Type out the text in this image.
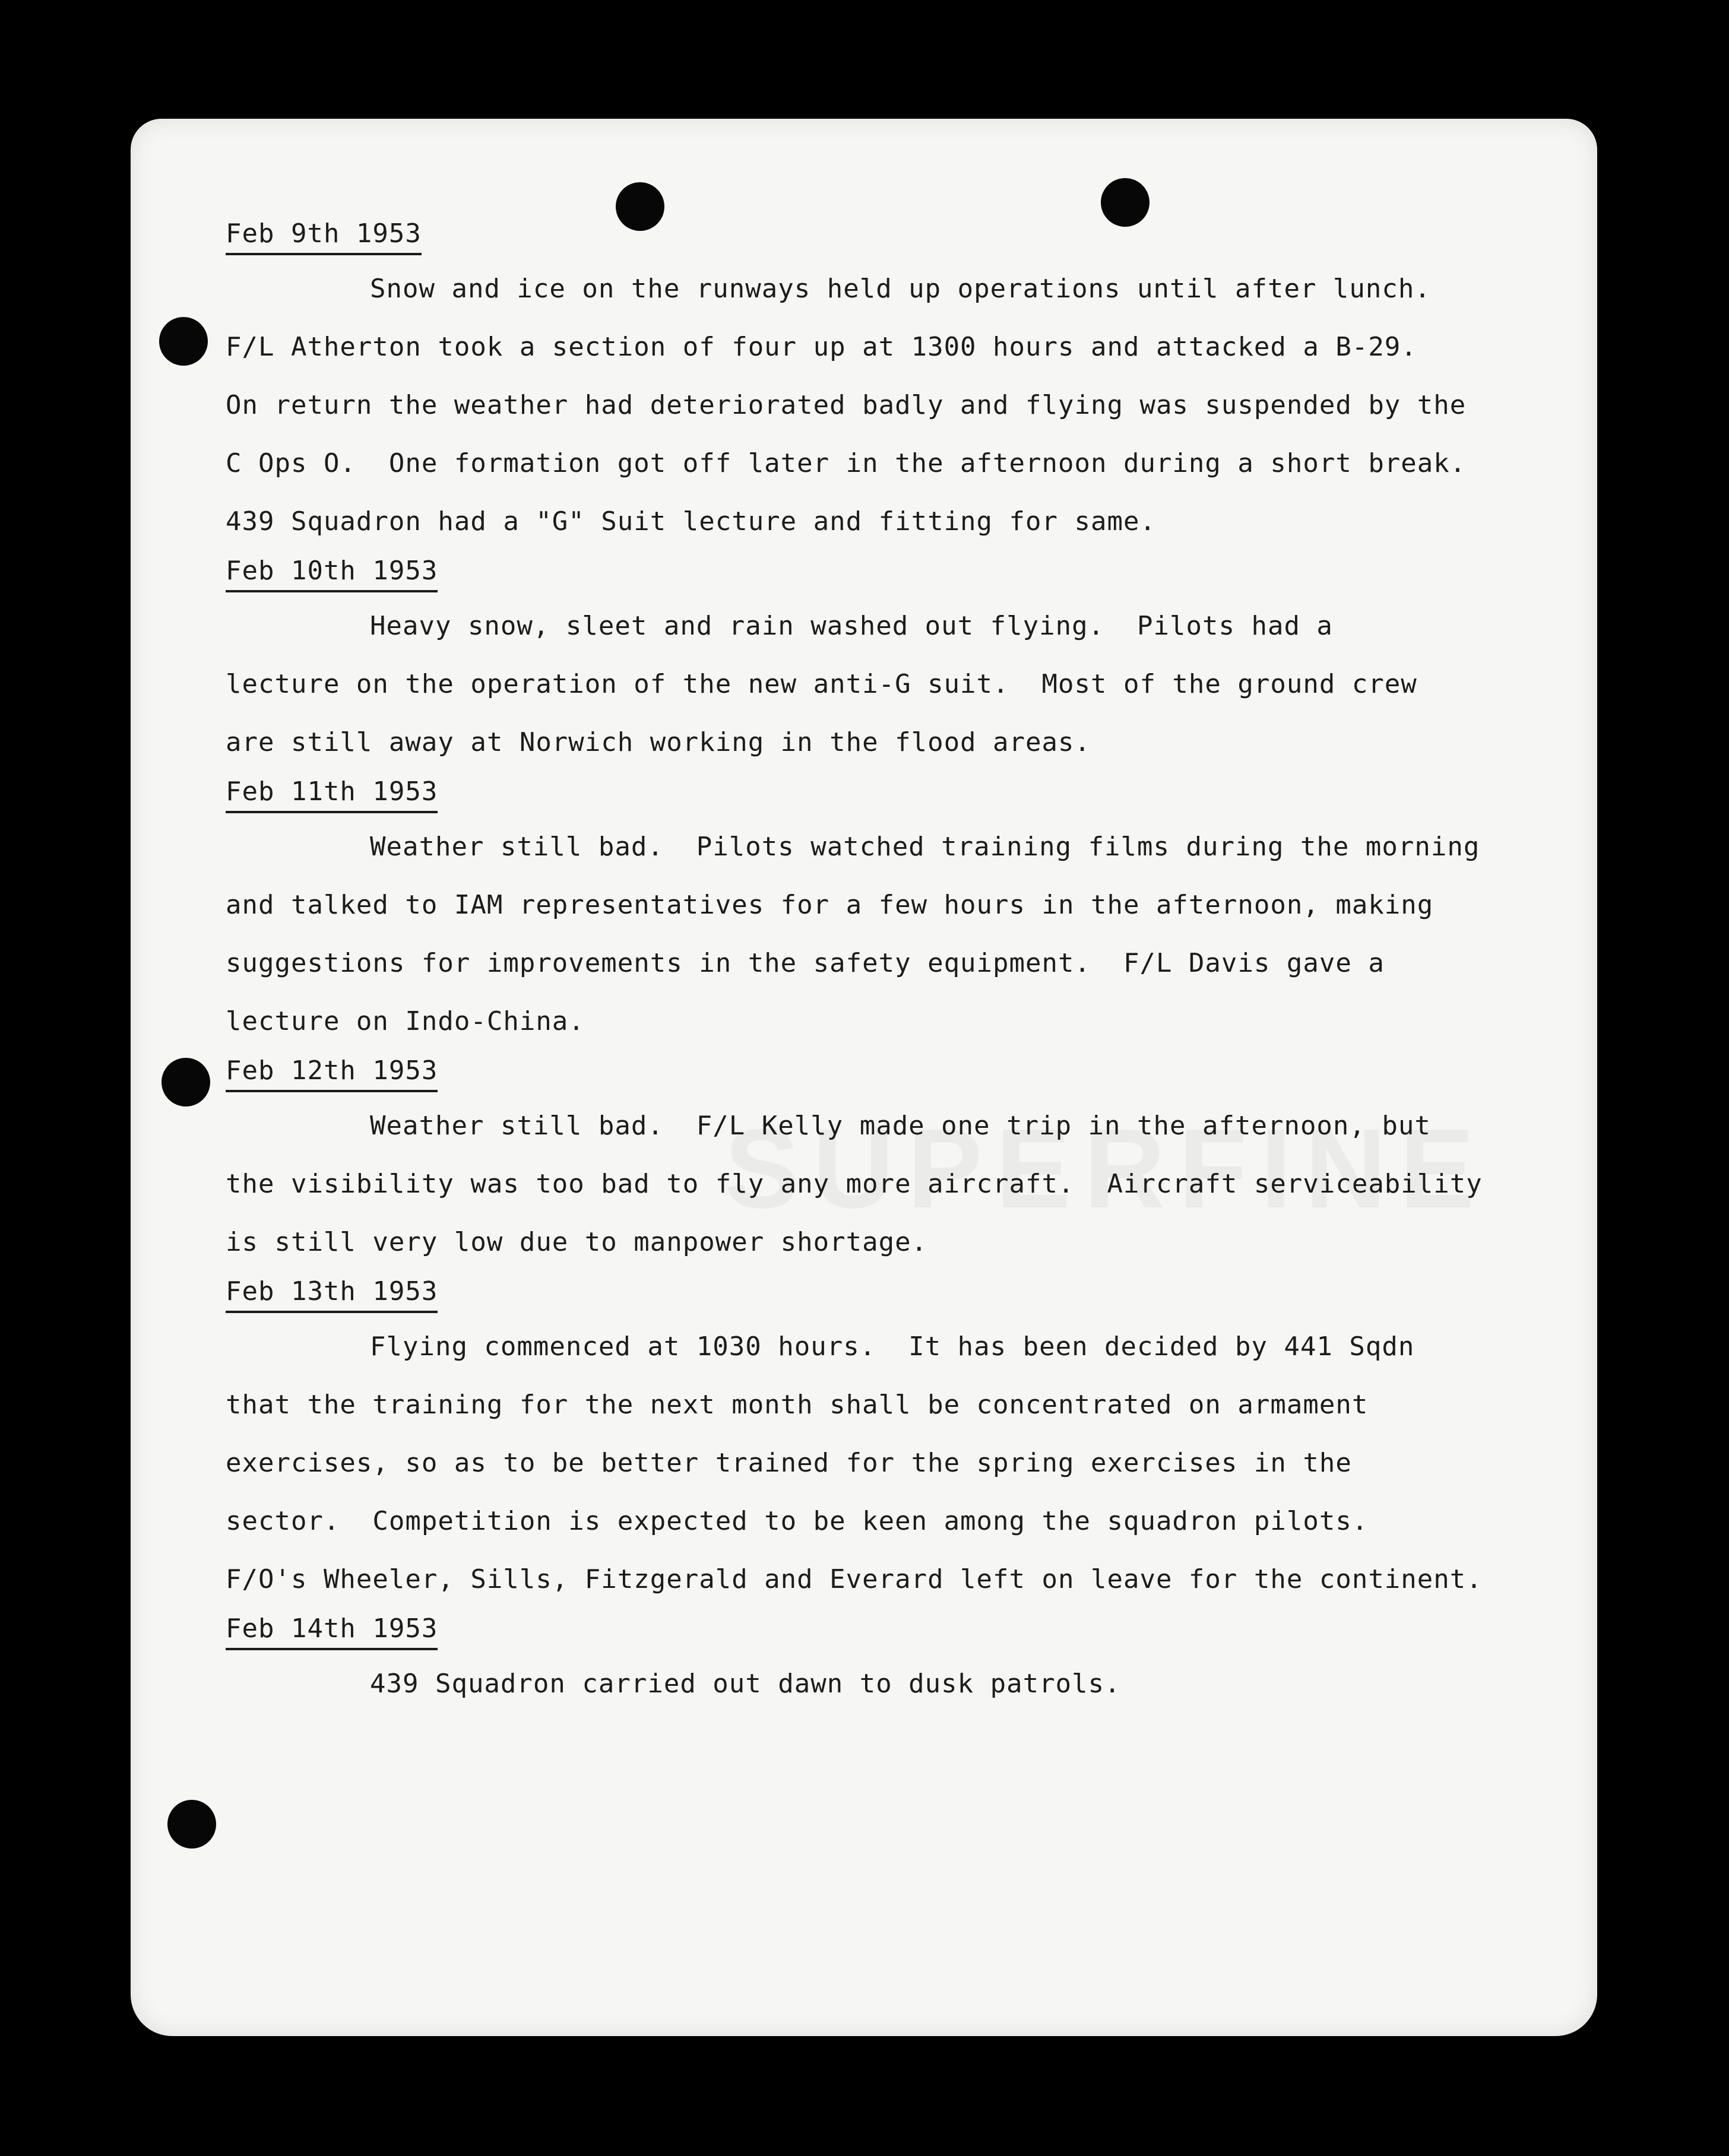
Feb 9th 1953

Snow and ice on the runways held up operations until after lunch.

F/L Atherton took a section of four up at 1300 hours and attacked a B-29.

On return the weather had deteriorated badly and flying was suspended by the

C Ops O.  One formation got off later in the afternoon during a short break.

439 Squadron had a "G" Suit lecture and fitting for same.

Feb 10th 1953

Heavy snow, sleet and rain washed out flying.  Pilots had a

lecture on the operation of the new anti-G suit.  Most of the ground crew

are still away at Norwich working in the flood areas.

Feb 11th 1953

Weather still bad.  Pilots watched training films during the morning

and talked to IAM representatives for a few hours in the afternoon, making

suggestions for improvements in the safety equipment.  F/L Davis gave a

lecture on Indo-China.

Feb 12th 1953

Weather still bad.  F/L Kelly made one trip in the afternoon, but

the visibility was too bad to fly any more aircraft.  Aircraft serviceability

is still very low due to manpower shortage.

Feb 13th 1953

Flying commenced at 1030 hours.  It has been decided by 441 Sqdn

that the training for the next month shall be concentrated on armament

exercises, so as to be better trained for the spring exercises in the

sector.  Competition is expected to be keen among the squadron pilots.

F/O's Wheeler, Sills, Fitzgerald and Everard left on leave for the continent.

Feb 14th 1953

439 Squadron carried out dawn to dusk patrols.
